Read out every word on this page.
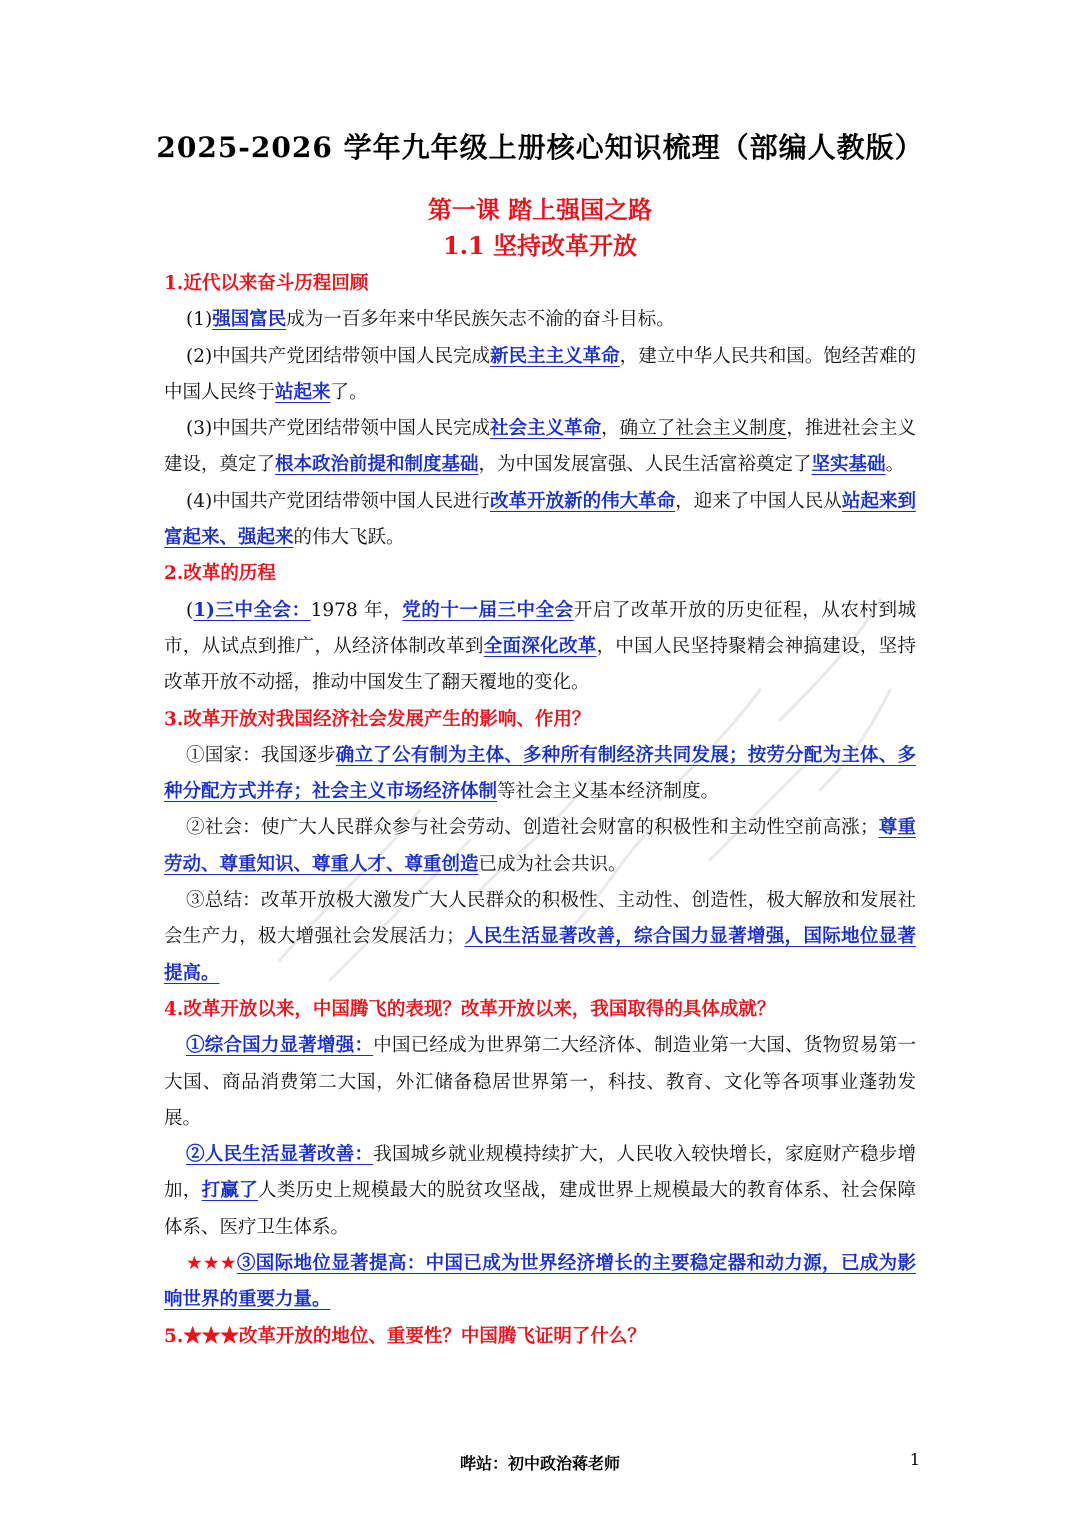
2025-2026 学年九年级上册核心知识梳理（部编人教版）
第一课 踏上强国之路
1.1 坚持改革开放

1.近代以来奋斗历程回顾

(1)强国富民成为一百多年来中华民族矢志不渝的奋斗目标。

(2)中国共产党团结带领中国人民完成新民主主义革命，建立中华人民共和国。饱经苦难的中国人民终于站起来了。

(3)中国共产党团结带领中国人民完成社会主义革命，确立了社会主义制度，推进社会主义建设，奠定了根本政治前提和制度基础，为中国发展富强、人民生活富裕奠定了坚实基础。

(4)中国共产党团结带领中国人民进行改革开放新的伟大革命，迎来了中国人民从站起来到富起来、强起来的伟大飞跃。

2.改革的历程

(1)三中全会：1978 年，党的十一届三中全会开启了改革开放的历史征程，从农村到城市，从试点到推广，从经济体制改革到全面深化改革，中国人民坚持聚精会神搞建设，坚持改革开放不动摇，推动中国发生了翻天覆地的变化。

3.改革开放对我国经济社会发展产生的影响、作用？

①国家：我国逐步确立了公有制为主体、多种所有制经济共同发展；按劳分配为主体、多种分配方式并存；社会主义市场经济体制等社会主义基本经济制度。

②社会：使广大人民群众参与社会劳动、创造社会财富的积极性和主动性空前高涨；尊重劳动、尊重知识、尊重人才、尊重创造已成为社会共识。

③总结：改革开放极大激发广大人民群众的积极性、主动性、创造性，极大解放和发展社会生产力，极大增强社会发展活力；人民生活显著改善，综合国力显著增强，国际地位显著提高。

4.改革开放以来，中国腾飞的表现？改革开放以来，我国取得的具体成就？

①综合国力显著增强：中国已经成为世界第二大经济体、制造业第一大国、货物贸易第一大国、商品消费第二大国，外汇储备稳居世界第一，科技、教育、文化等各项事业蓬勃发展。

②人民生活显著改善：我国城乡就业规模持续扩大，人民收入较快增长，家庭财产稳步增加，打赢了人类历史上规模最大的脱贫攻坚战，建成世界上规模最大的教育体系、社会保障体系、医疗卫生体系。

★★★③国际地位显著提高：中国已成为世界经济增长的主要稳定器和动力源，已成为影响世界的重要力量。

5.★★★改革开放的地位、重要性？中国腾飞证明了什么？

哔站：初中政治蒋老师	1
